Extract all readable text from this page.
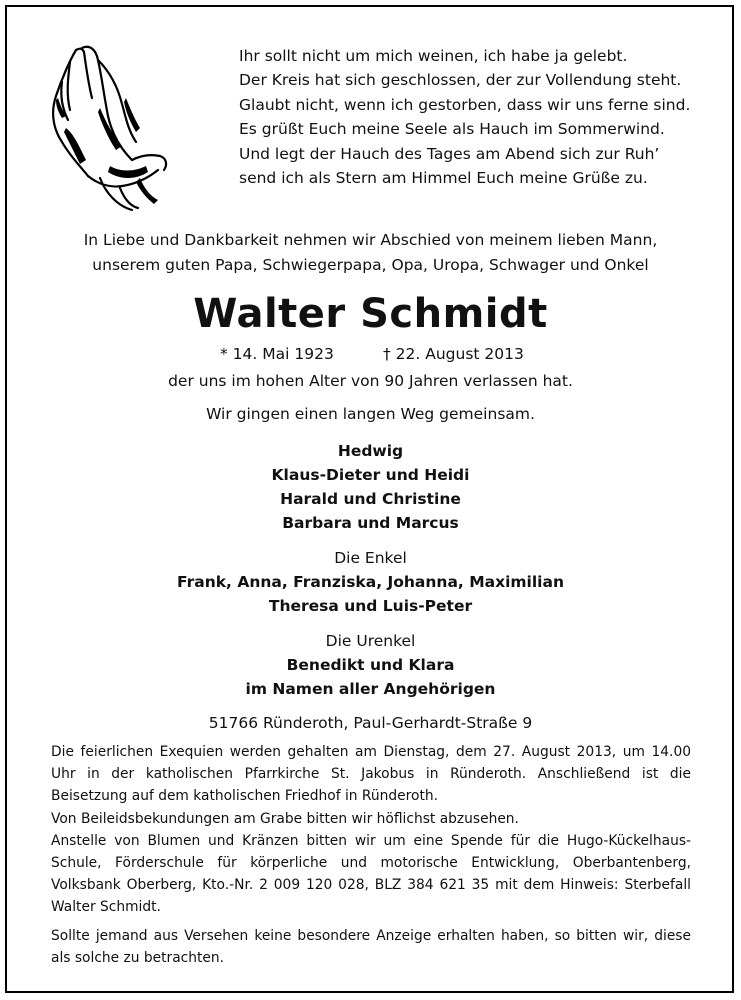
Ihr sollt nicht um mich weinen, ich habe ja gelebt.
Der Kreis hat sich geschlossen, der zur Vollendung steht.
Glaubt nicht, wenn ich gestorben, dass wir uns ferne sind.
Es grüßt Euch meine Seele als Hauch im Sommerwind.
Und legt der Hauch des Tages am Abend sich zur Ruh’
send ich als Stern am Himmel Euch meine Grüße zu.
In Liebe und Dankbarkeit nehmen wir Abschied von meinem lieben Mann,
unserem guten Papa, Schwiegerpapa, Opa, Uropa, Schwager und Onkel
Walter Schmidt
* 14. Mai 1923	† 22. August 2013
der uns im hohen Alter von 90 Jahren verlassen hat.
Wir gingen einen langen Weg gemeinsam.
Hedwig
Klaus-Dieter und Heidi
Harald und Christine
Barbara und Marcus
Die Enkel
Frank, Anna, Franziska, Johanna, Maximilian
Theresa und Luis-Peter
Die Urenkel
Benedikt und Klara
im Namen aller Angehörigen
51766 Ründeroth, Paul-Gerhardt-Straße 9

Die feierlichen Exequien werden gehalten am Dienstag, dem 27. August 2013, um 14.00 Uhr in der katholischen Pfarrkirche St. Jakobus in Ründeroth. Anschließend ist die Beisetzung auf dem katholischen Friedhof in Ründeroth.

Von Beileidsbekundungen am Grabe bitten wir höflichst abzusehen.

Anstelle von Blumen und Kränzen bitten wir um eine Spende für die Hugo-Kückelhaus-Schule, Förderschule für körperliche und motorische Entwicklung, Oberbantenberg, Volksbank Oberberg, Kto.-Nr. 2 009 120 028, BLZ 384 621 35 mit dem Hinweis: Sterbefall Walter Schmidt.

Sollte jemand aus Versehen keine besondere Anzeige erhalten haben, so bitten wir, diese als solche zu betrachten.
